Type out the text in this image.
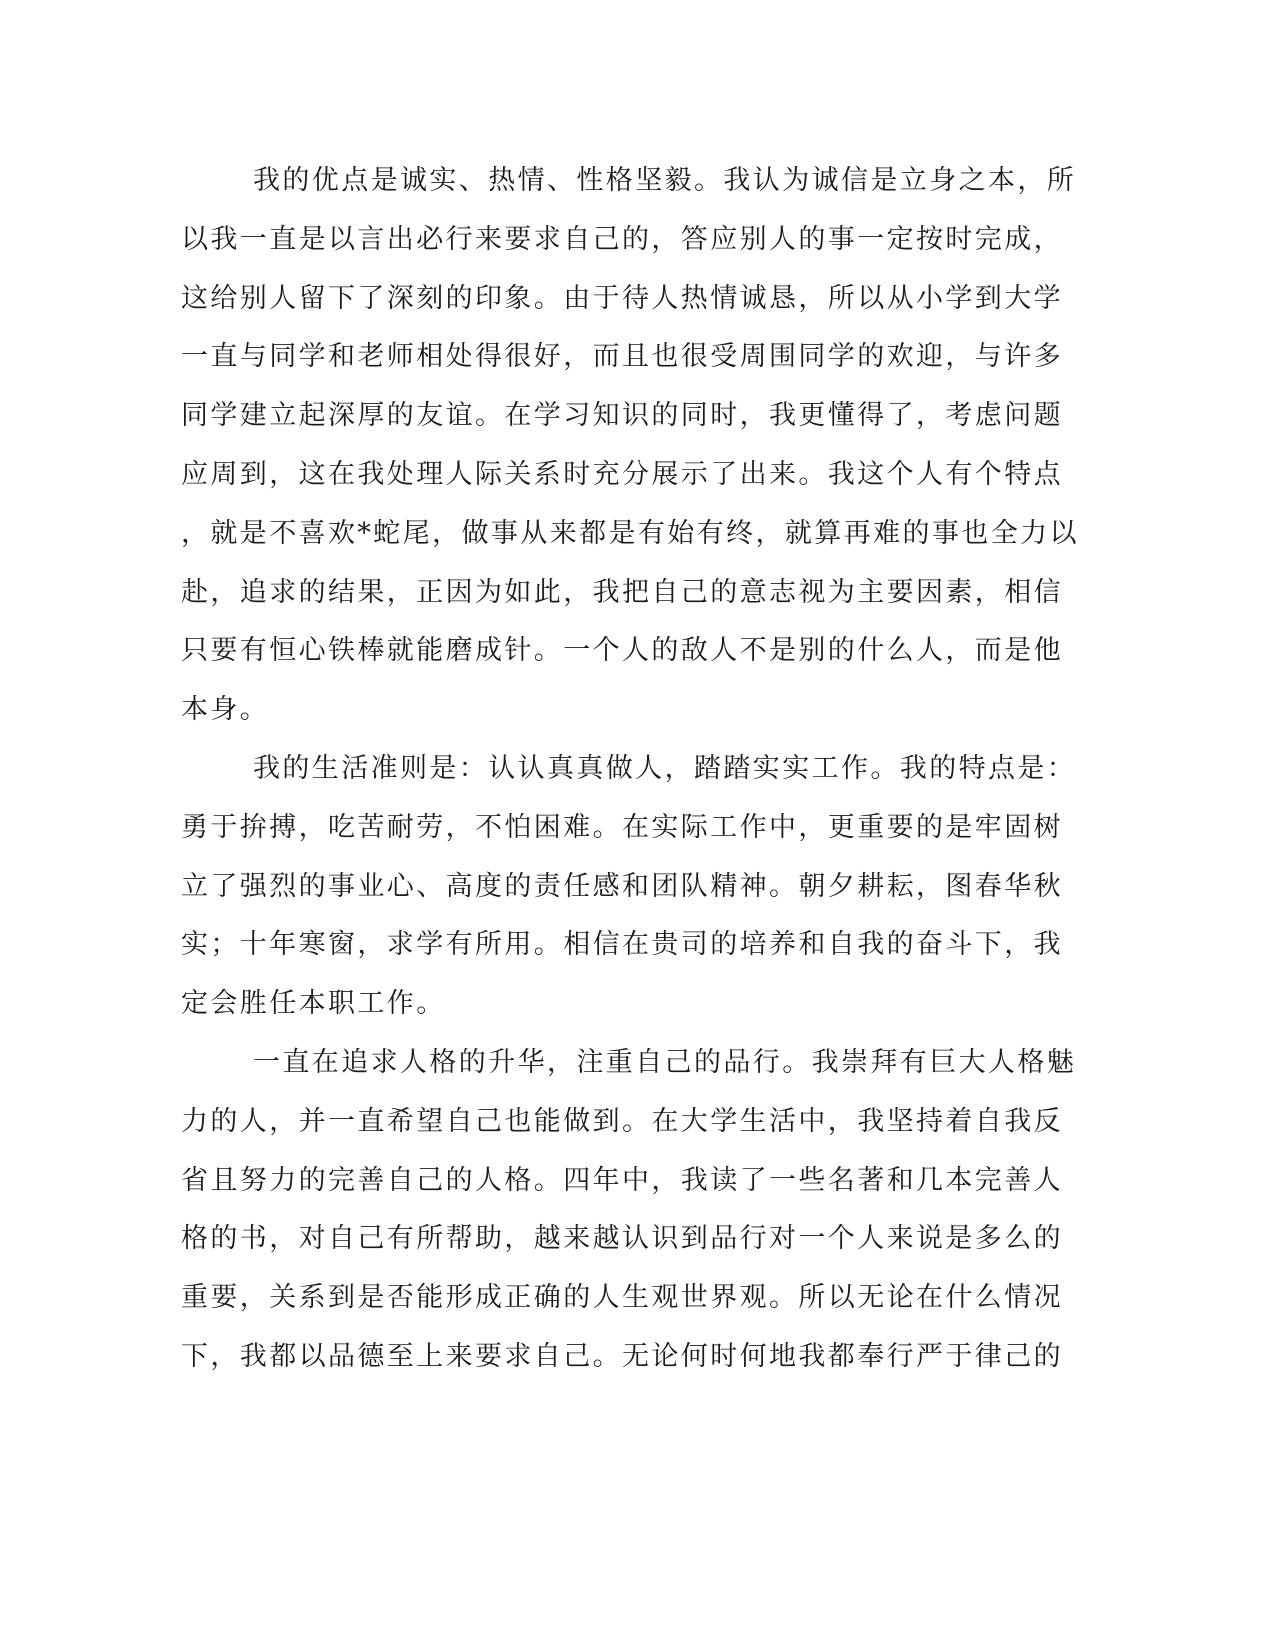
我的优点是诚实、热情、性格坚毅。我认为诚信是立身之本，所
以我一直是以言出必行来要求自己的，答应别人的事一定按时完成，
这给别人留下了深刻的印象。由于待人热情诚恳，所以从小学到大学
一直与同学和老师相处得很好，而且也很受周围同学的欢迎，与许多
同学建立起深厚的友谊。在学习知识的同时，我更懂得了，考虑问题
应周到，这在我处理人际关系时充分展示了出来。我这个人有个特点
，就是不喜欢*蛇尾，做事从来都是有始有终，就算再难的事也全力以
赴，追求的结果，正因为如此，我把自己的意志视为主要因素，相信
只要有恒心铁棒就能磨成针。一个人的敌人不是别的什么人，而是他
本身。

我的生活准则是：认认真真做人，踏踏实实工作。我的特点是：
勇于拚搏，吃苦耐劳，不怕困难。在实际工作中，更重要的是牢固树
立了强烈的事业心、高度的责任感和团队精神。朝夕耕耘，图春华秋
实；十年寒窗，求学有所用。相信在贵司的培养和自我的奋斗下，我
定会胜任本职工作。

一直在追求人格的升华，注重自己的品行。我崇拜有巨大人格魅
力的人，并一直希望自己也能做到。在大学生活中，我坚持着自我反
省且努力的完善自己的人格。四年中，我读了一些名著和几本完善人
格的书，对自己有所帮助，越来越认识到品行对一个人来说是多么的
重要，关系到是否能形成正确的人生观世界观。所以无论在什么情况
下，我都以品德至上来要求自己。无论何时何地我都奉行严于律己的
